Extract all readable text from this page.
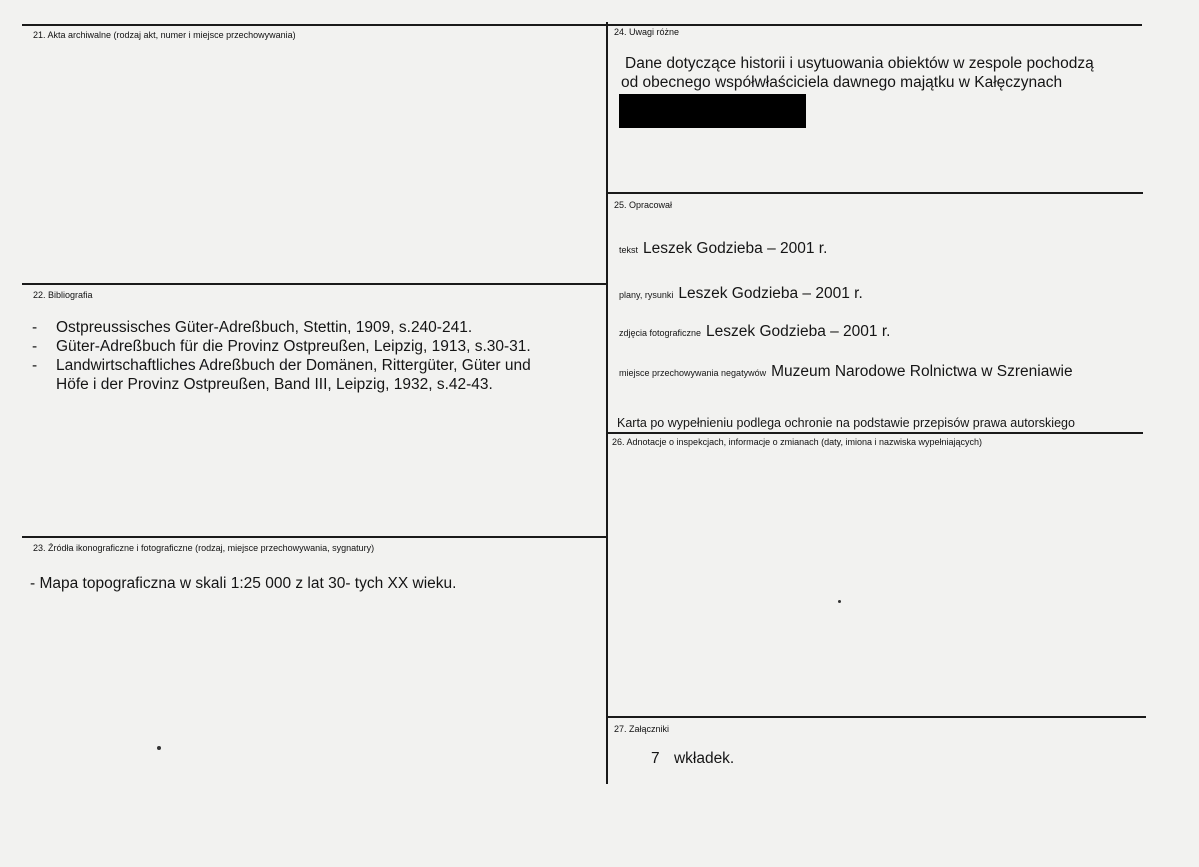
21. Akta archiwalne (rodzaj akt, numer i miejsce przechowywania)
22. Bibliografia
- Ostpreussisches Güter-Adreßbuch, Stettin, 1909, s.240-241.
- Güter-Adreßbuch für die Provinz Ostpreußen, Leipzig, 1913, s.30-31.
- Landwirtschaftliches Adreßbuch der Domänen, Rittergüter, Güter und
Höfe i der Provinz Ostpreußen, Band III, Leipzig, 1932, s.42-43.
23. Źródła ikonograficzne i fotograficzne (rodzaj, miejsce przechowywania, sygnatury)
- Mapa topograficzna w skali 1:25 000 z lat 30- tych XX wieku.
24. Uwagi różne
Dane dotyczące historii i usytuowania obiektów w zespole pochodzą
od obecnego współwłaściciela dawnego majątku w Kałęczynach
25. Opracował
tekst Leszek Godzieba – 2001 r.
plany, rysunki Leszek Godzieba – 2001 r.
zdjęcia fotograficzne Leszek Godzieba – 2001 r.
miejsce przechowywania negatywów Muzeum Narodowe Rolnictwa w Szreniawie
Karta po wypełnieniu podlega ochronie na podstawie przepisów prawa autorskiego
26. Adnotacje o inspekcjach, informacje o zmianach (daty, imiona i nazwiska wypełniających)
27. Załączniki
7 wkładek.
